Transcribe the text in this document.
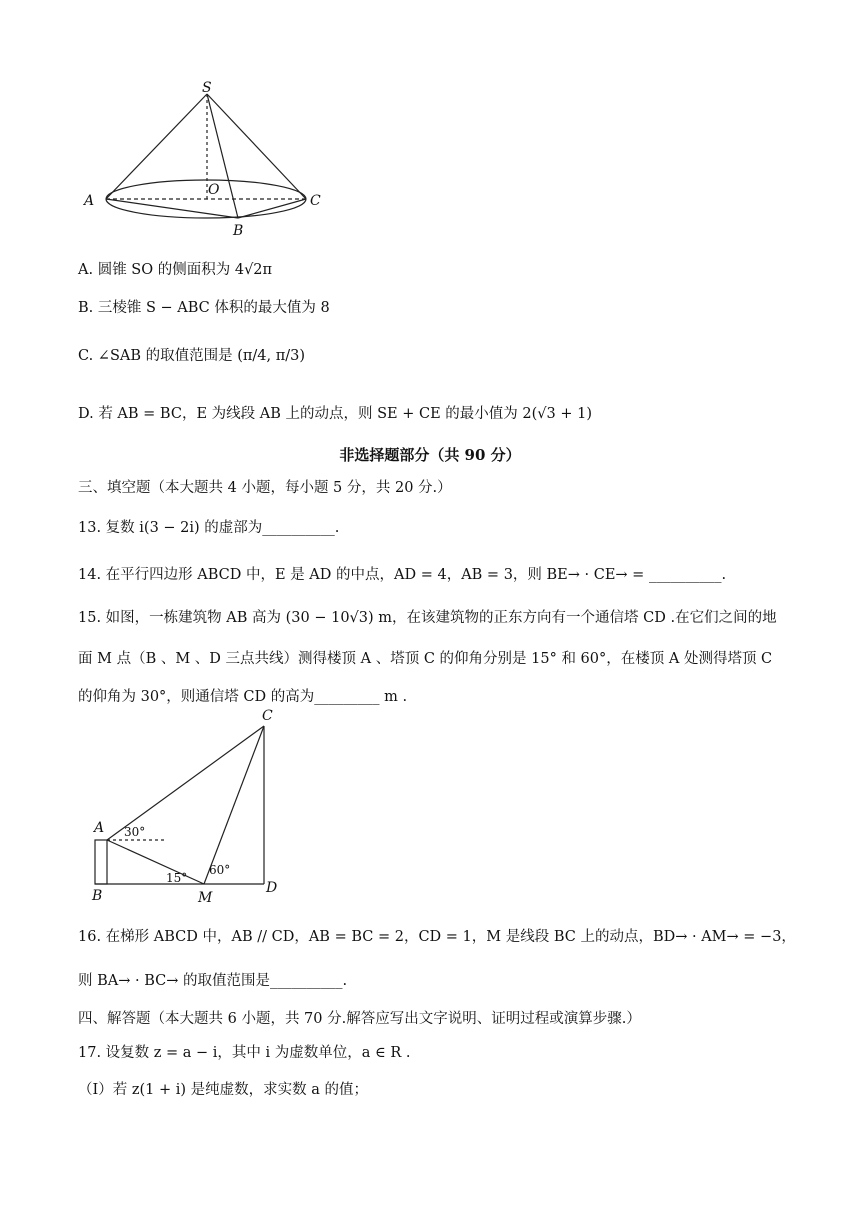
S
A
O
C
B
A. 圆锥 SO 的侧面积为 4√2π
B. 三棱锥 S − ABC 体积的最大值为 8
C. ∠SAB 的取值范围是 (π/4, π/3)
D. 若 AB = BC，E 为线段 AB 上的动点，则 SE + CE 的最小值为 2(√3 + 1)
非选择题部分（共 90 分）
三、填空题（本大题共 4 小题，每小题 5 分，共 20 分.）
13. 复数 i(3 − 2i) 的虚部为__________.
14. 在平行四边形 ABCD 中，E 是 AD 的中点，AD = 4，AB = 3，则 BE→ · CE→ = __________.
15. 如图，一栋建筑物 AB 高为 (30 − 10√3) m，在该建筑物的正东方向有一个通信塔 CD .在它们之间的地
面 M 点（B 、M 、D 三点共线）测得楼顶 A 、塔顶 C 的仰角分别是 15° 和 60°，在楼顶 A 处测得塔顶 C
的仰角为 30°，则通信塔 CD 的高为_________ m .
C
A
B	M
D
30°
15°
60°
16. 在梯形 ABCD 中，AB // CD，AB = BC = 2，CD = 1，M 是线段 BC 上的动点，BD→ · AM→ = −3，
则 BA→ · BC→ 的取值范围是__________.
四、解答题（本大题共 6 小题，共 70 分.解答应写出文字说明、证明过程或演算步骤.）
17. 设复数 z = a − i，其中 i 为虚数单位，a ∈ R .
（Ⅰ）若 z(1 + i) 是纯虚数，求实数 a 的值；
